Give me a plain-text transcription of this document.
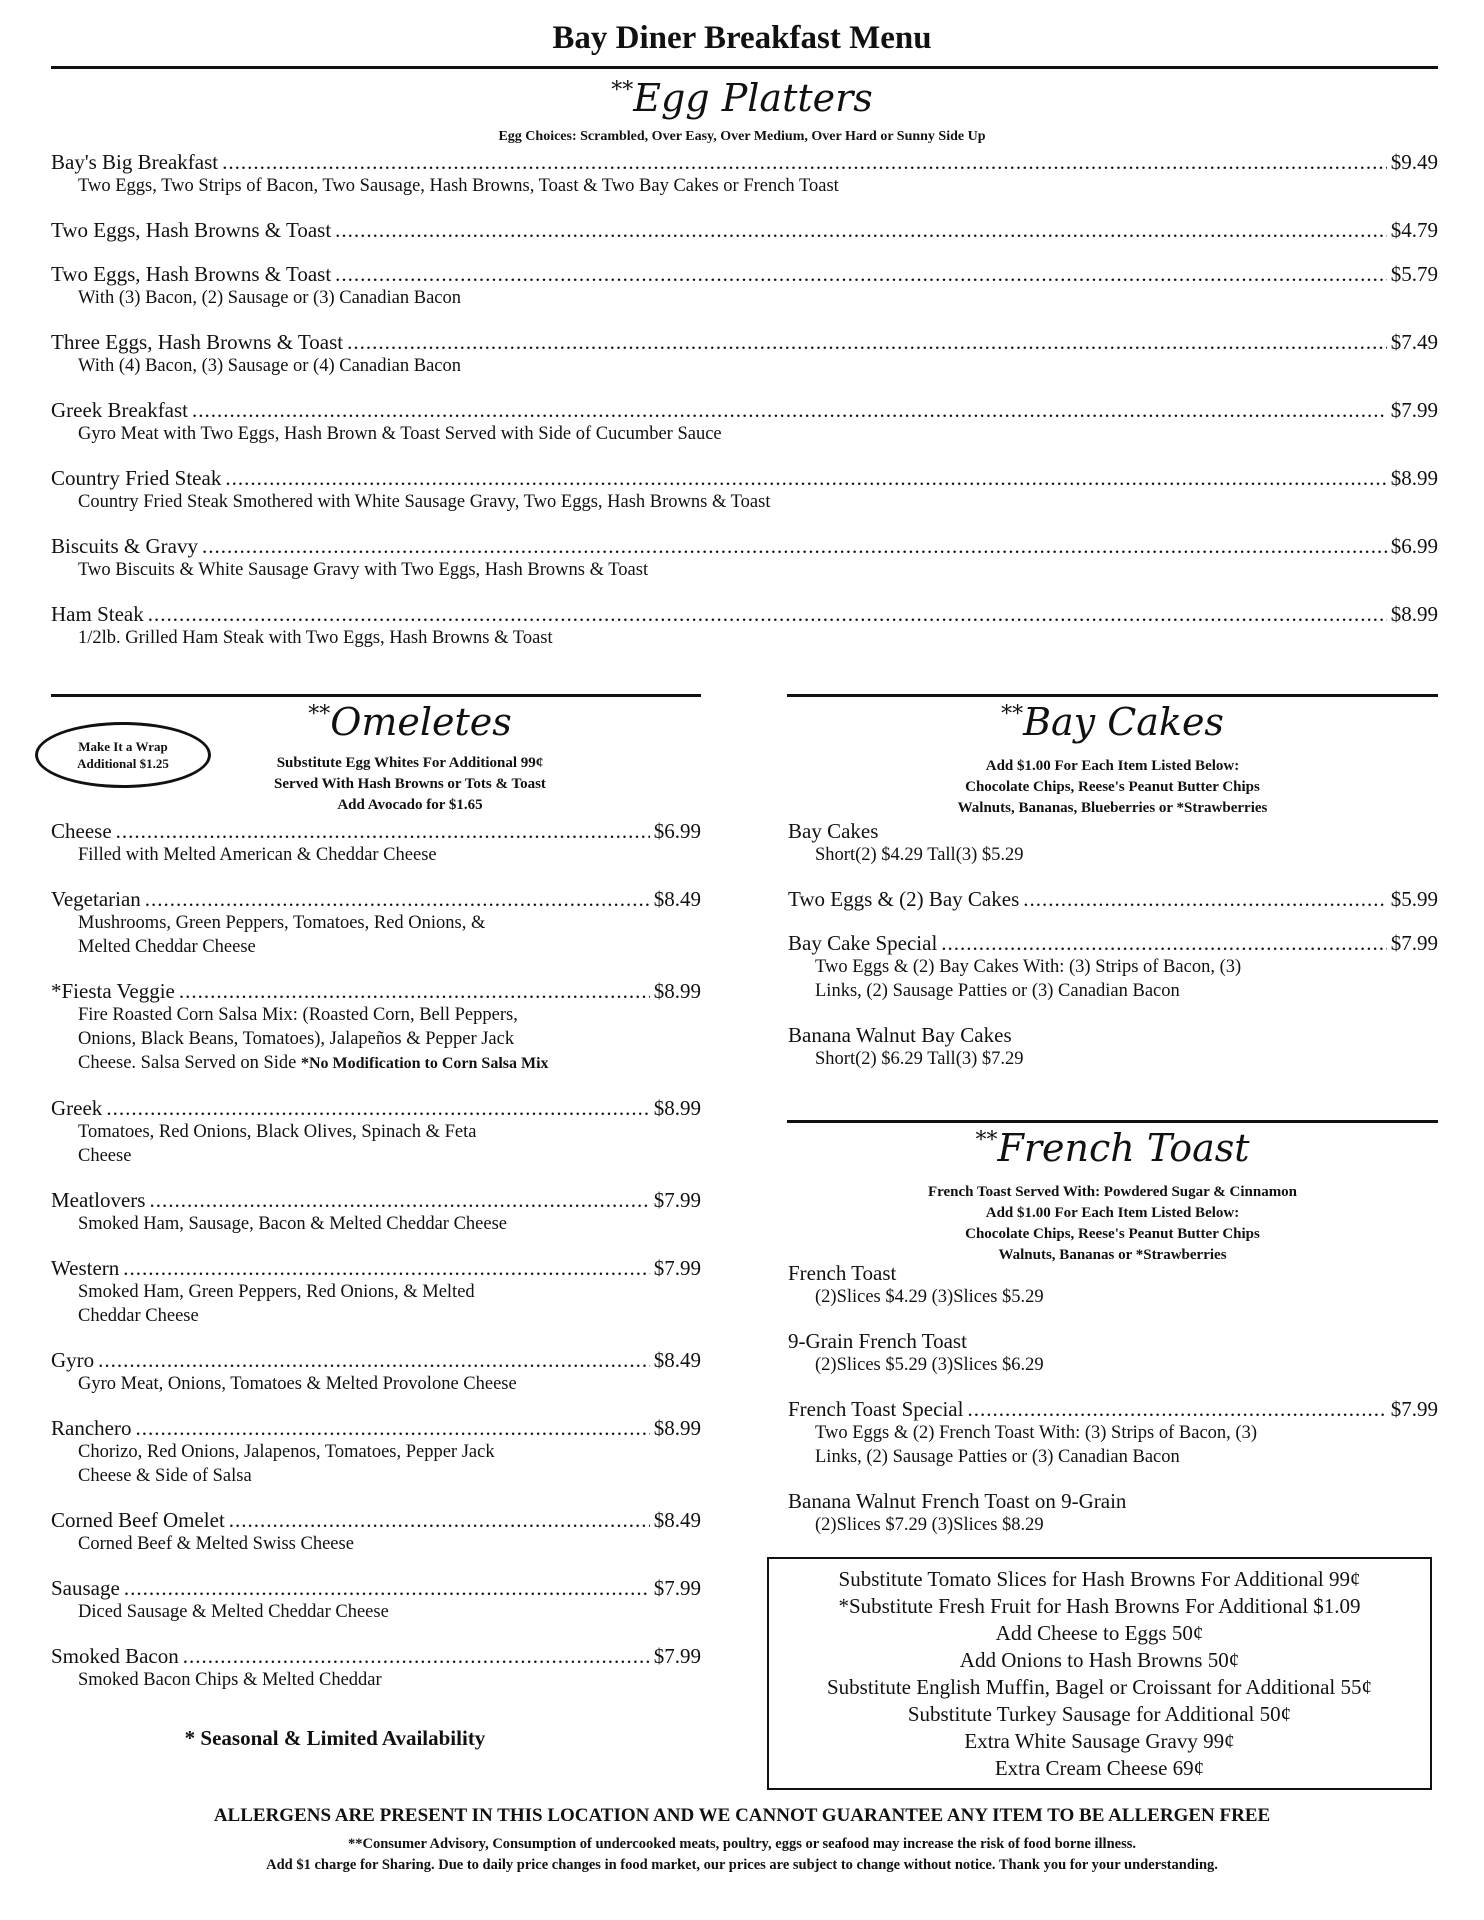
Bay Diner Breakfast Menu
**Egg Platters
Egg Choices: Scrambled, Over Easy, Over Medium, Over Hard or Sunny Side Up
Bay's Big Breakfast .....	$9.49
Two Eggs, Two Strips of Bacon, Two Sausage, Hash Browns, Toast & Two Bay Cakes or French Toast
Two Eggs, Hash Browns & Toast .....	$4.79
Two Eggs, Hash Browns & Toast .....	$5.79
With (3) Bacon, (2) Sausage or (3) Canadian Bacon
Three Eggs, Hash Browns & Toast .....	$7.49
With (4) Bacon, (3) Sausage or (4) Canadian Bacon
Greek Breakfast .....	$7.99
Gyro Meat with Two Eggs, Hash Brown & Toast Served with Side of Cucumber Sauce
Country Fried Steak .....	$8.99
Country Fried Steak Smothered with White Sausage Gravy, Two Eggs, Hash Browns & Toast
Biscuits & Gravy .....	$6.99
Two Biscuits & White Sausage Gravy with Two Eggs, Hash Browns & Toast
Ham Steak .....	$8.99
1/2lb. Grilled Ham Steak with Two Eggs, Hash Browns & Toast
Make It a Wrap
Additional $1.25
**Omeletes
Substitute Egg Whites For Additional 99¢
Served With Hash Browns or Tots & Toast
Add Avocado for $1.65
Cheese .....	$6.99
Filled with Melted American & Cheddar Cheese
Vegetarian .....	$8.49
Mushrooms, Green Peppers, Tomatoes, Red Onions, &
Melted Cheddar Cheese
*Fiesta Veggie .....	$8.99
Fire Roasted Corn Salsa Mix: (Roasted Corn, Bell Peppers,
Onions, Black Beans, Tomatoes), Jalapeños & Pepper Jack
Cheese. Salsa Served on Side *No Modification to Corn Salsa Mix
Greek .....	$8.99
Tomatoes, Red Onions, Black Olives, Spinach & Feta
Cheese
Meatlovers .....	$7.99
Smoked Ham, Sausage, Bacon & Melted Cheddar Cheese
Western .....	$7.99
Smoked Ham, Green Peppers, Red Onions, & Melted
Cheddar Cheese
Gyro .....	$8.49
Gyro Meat, Onions, Tomatoes & Melted Provolone Cheese
Ranchero .....	$8.99
Chorizo, Red Onions, Jalapenos, Tomatoes, Pepper Jack
Cheese & Side of Salsa
Corned Beef Omelet .....	$8.49
Corned Beef & Melted Swiss Cheese
Sausage .....	$7.99
Diced Sausage & Melted Cheddar Cheese
Smoked Bacon .....	$7.99
Smoked Bacon Chips & Melted Cheddar
* Seasonal & Limited Availability
**Bay Cakes
Add $1.00 For Each Item Listed Below:
Chocolate Chips, Reese's Peanut Butter Chips
Walnuts, Bananas, Blueberries or *Strawberries
Bay Cakes
Short(2) $4.29 Tall(3) $5.29
Two Eggs & (2) Bay Cakes .....	$5.99
Bay Cake Special .....	$7.99
Two Eggs & (2) Bay Cakes With: (3) Strips of Bacon, (3)
Links, (2) Sausage Patties or (3) Canadian Bacon
Banana Walnut Bay Cakes
Short(2) $6.29 Tall(3) $7.29
**French Toast
French Toast Served With: Powdered Sugar & Cinnamon
Add $1.00 For Each Item Listed Below:
Chocolate Chips, Reese's Peanut Butter Chips
Walnuts, Bananas or *Strawberries
French Toast
(2)Slices $4.29 (3)Slices $5.29
9-Grain French Toast
(2)Slices $5.29 (3)Slices $6.29
French Toast Special .....	$7.99
Two Eggs & (2) French Toast With: (3) Strips of Bacon, (3)
Links, (2) Sausage Patties or (3) Canadian Bacon
Banana Walnut French Toast on 9-Grain
(2)Slices $7.29 (3)Slices $8.29
Substitute Tomato Slices for Hash Browns For Additional 99¢
*Substitute Fresh Fruit for Hash Browns For Additional $1.09
Add Cheese to Eggs 50¢
Add Onions to Hash Browns 50¢
Substitute English Muffin, Bagel or Croissant for Additional 55¢
Substitute Turkey Sausage for Additional 50¢
Extra White Sausage Gravy 99¢
Extra Cream Cheese 69¢
ALLERGENS ARE PRESENT IN THIS LOCATION AND WE CANNOT GUARANTEE ANY ITEM TO BE ALLERGEN FREE
**Consumer Advisory, Consumption of undercooked meats, poultry, eggs or seafood may increase the risk of food borne illness.
Add $1 charge for Sharing. Due to daily price changes in food market, our prices are subject to change without notice. Thank you for your understanding.
